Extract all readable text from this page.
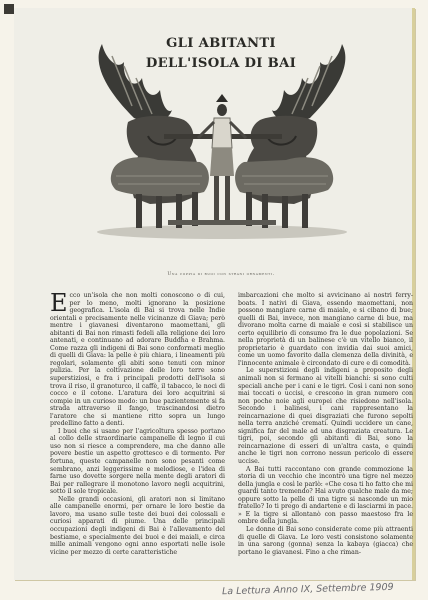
GLI ABITANTI
DELL'ISOLA DI BAI
Una coppia di buoi con strani ornamenti.

Ecco un'isola che non molti conoscono o di cui, per lo meno, molti ignorano la posizione geografica. L'isola di Bai si trova nelle Indie orientali e precisamente nelle vicinanze di Giava; però mentre i giavanesi diventarono maomettani, gli abitanti di Bai non rimasti fedeli alla religione dei loro antenati, e continuano ad adorare Buddha e Brahma. Come razza gli indigeni di Bai sono conformati meglio di quelli di Giava: la pelle è più chiara, i lineamenti più regolari, solamente gli abiti sono tenuti con minor pulizia. Per la coltivazione delle loro terre sono superstiziosi, e fra i principali prodotti dell'isola si trova il riso, il granoturco, il caffè, il tabacco, le noci di cocco e il cotone. L'aratura dei loro acquitrini si compie in un curioso modo: un bue pazientemente si fa strada attraverso il fango, trascinandosi dietro l'aratore che si mantiene ritto sopra un lungo predellino fatto a denti.

I buoi che si usano per l'agricoltura spesso portano al collo delle straordinarie campanelle di legno il cui uso non si riesce a comprendere, ma che danno alle povere bestie un aspetto grottesco e di tormento. Per fortuna, queste campanelle non sono pesanti come sembrano, anzi leggerissime e melodiose, e l'idea di farne uso dovette sorgere nella mente degli aratori di Bai per rallegrare il monotono lavoro negli acquitrini, sotto il sole tropicale.

Nelle grandi occasioni, gli aratori non si limitano alle campanelle enormi, per ornare le loro bestie da lavoro, ma usano sulle teste dei buoi dei colossali e curiosi apparati di piume. Una delle principali occupazioni degli indigeni di Bai è l'allevamento del bestiame, e specialmente dei buoi e dei maiali, e circa mille animali vengono ogni anno esportati nelle isole vicine per mezzo di certe caratteristiche

imbarcazioni che molto si avvicinano ai nostri ferry-boats. I nativi di Giava, essendo maomettani, non possono mangiare carne di maiale, e si cibano di bue; quelli di Bai, invece, non mangiano carne di bue, ma divorano molta carne di maiale e così si stabilisce un certo equilibrio di consumo fra le due popolazioni. Se nella proprietà di un balinese c'è un vitello bianco, il proprietario è guardato con invidia dai suoi amici, come un uomo favorito dalla clemenza della divinità, e l'innocente animale è circondato di cure e di comodità.

Le superstizioni degli indigeni a proposito degli animali non si fermano ai vitelli bianchi: si sono culti speciali anche per i cani e le tigri. Così i cani non sono mai toccati o uccisi, e crescono in gran numero con non poche noie agli europei che risiedono nell'isola. Secondo i balinesi, i cani rappresentano la reincarnazione di quei disgraziati che furono sepolti nella terra anziché cremati. Quindi uccidere un cane, significa far del male ad una disgraziata creatura. Le tigri, poi, secondo gli abitanti di Bai, sono la reincarnazione di esseri di un'altra casta, e quindi anche le tigri non corrono nessun pericolo di essere uccise.

A Bai tutti raccontano con grande commozione la storia di un vecchio che incontrò una tigre nel mezzo della jungla e così le parlò: «Che cosa ti ho fatto che mi guardi tanto tremendo? Hai avuto qualche male da me; oppure sotto la pelle di una tigre si nasconde un mio fratello? Io ti prego di andartene e di lasciarmi in pace. » E la tigre si allontanò con passo maestoso fra le ombre della jungla.

Le donne di Bai sono considerate come più attraenti di quelle di Giava. Le loro vesti consistono solamente in una sarong (gonna) senza la kabaya (giacca) che portano le giavanesi. Fino a che riman-

La Lettura Anno IX, Settembre 1909
